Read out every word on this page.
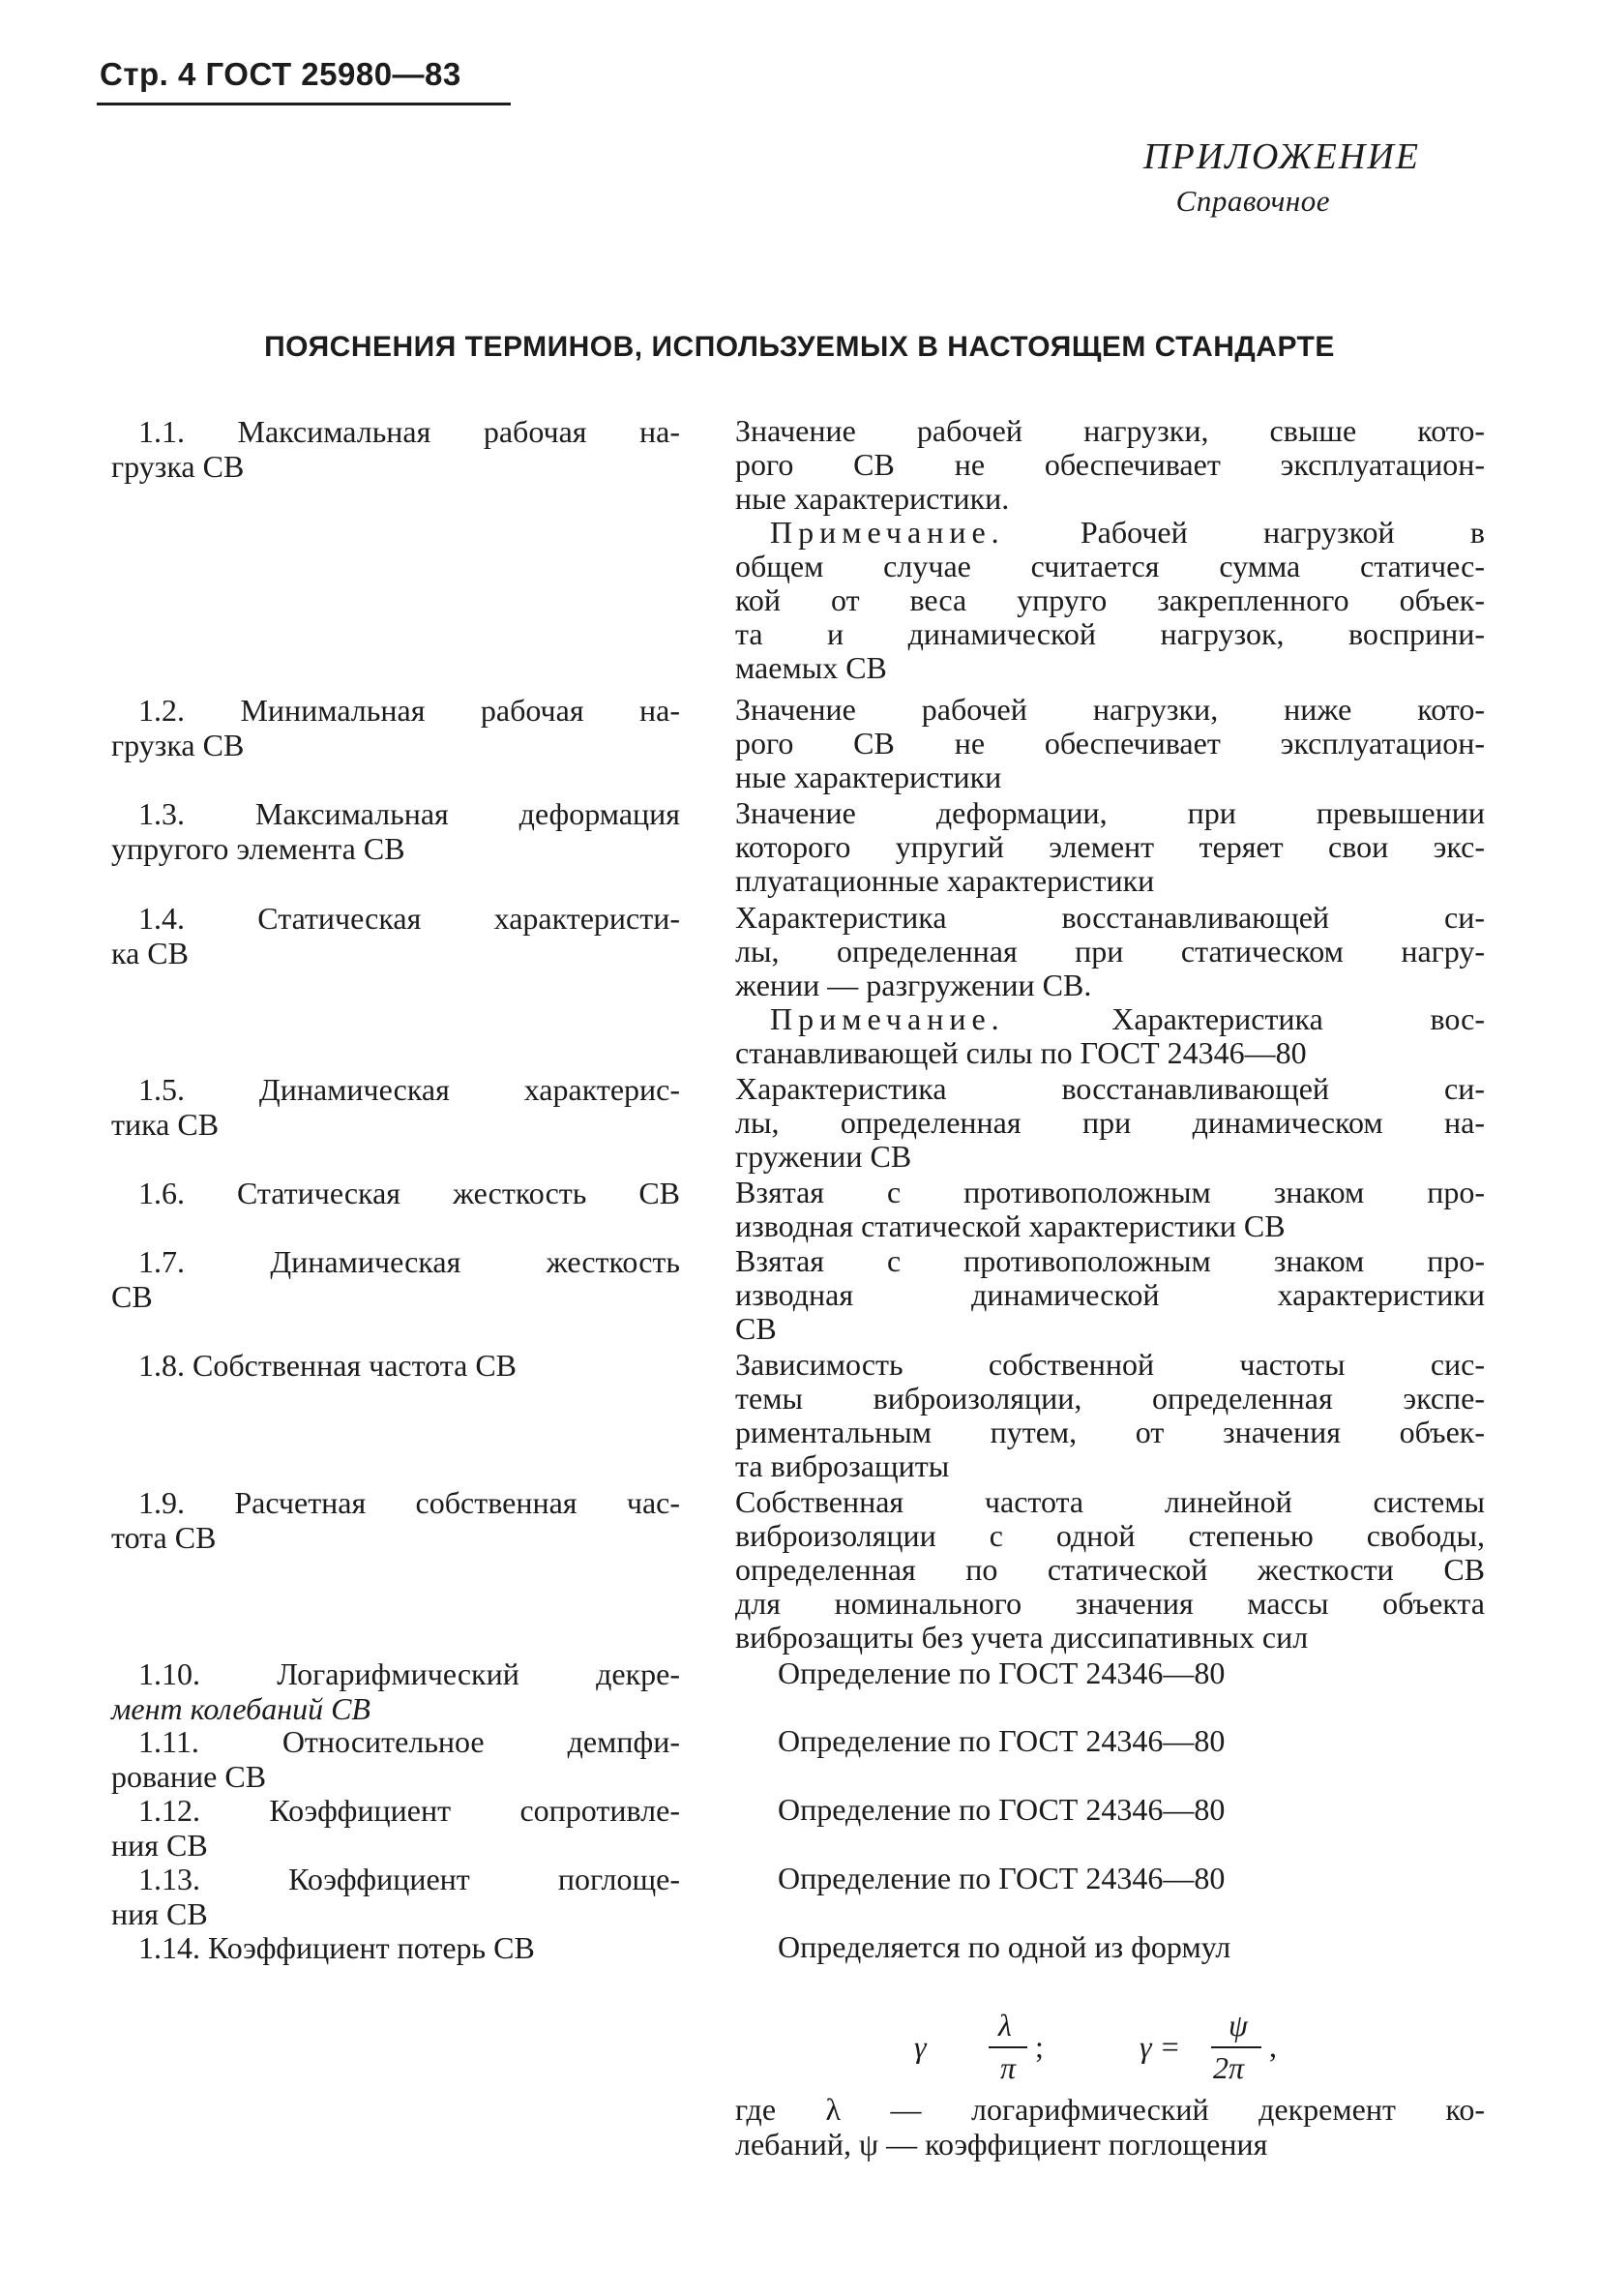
Стр. 4 ГОСТ 25980—83
ПРИЛОЖЕНИЕ
Справочное
ПОЯСНЕНИЯ ТЕРМИНОВ, ИСПОЛЬЗУЕМЫХ В НАСТОЯЩЕМ СТАНДАРТЕ
1.1. Максимальная рабочая на-
грузка СВ
1.2. Минимальная рабочая на-
грузка СВ
1.3. Максимальная деформация
упругого элемента СВ
1.4. Статическая характеристи-
ка СВ
1.5. Динамическая характерис-
тика СВ
1.6. Статическая жесткость СВ
1.7. Динамическая жесткость
СВ
1.8. Собственная частота СВ
1.9. Расчетная собственная час-
тота СВ
1.10. Логарифмический декре-
мент колебаний СВ
1.11. Относительное демпфи-
рование СВ
1.12. Коэффициент сопротивле-
ния СВ
1.13. Коэффициент поглоще-
ния СВ
1.14. Коэффициент потерь СВ
Значение рабочей нагрузки, свыше кото-
рого СВ не обеспечивает эксплуатацион-
ные характеристики.
Примечание. Рабочей нагрузкой в
общем случае считается сумма статичес-
кой от веса упруго закрепленного объек-
та и динамической нагрузок, восприни-
маемых СВ
Значение рабочей нагрузки, ниже кото-
рого СВ не обеспечивает эксплуатацион-
ные характеристики
Значение деформации, при превышении
которого упругий элемент теряет свои экс-
плуатационные характеристики
Характеристика восстанавливающей си-
лы, определенная при статическом нагру-
жении — разгружении СВ.
Примечание. Характеристика вос-
станавливающей силы по ГОСТ 24346—80
Характеристика восстанавливающей си-
лы, определенная при динамическом на-
гружении СВ
Взятая с противоположным знаком про-
изводная статической характеристики СВ
Взятая с противоположным знаком про-
изводная динамической характеристики
СВ
Зависимость собственной частоты сис-
темы виброизоляции, определенная экспе-
риментальным путем, от значения объек-
та виброзащиты
Собственная частота линейной системы
виброизоляции с одной степенью свободы,
определенная по статической жесткости СВ
для номинального значения массы объекта
виброзащиты без учета диссипативных сил
Определение по ГОСТ 24346—80
Определение по ГОСТ 24346—80
Определение по ГОСТ 24346—80
Определение по ГОСТ 24346—80
Определяется по одной из формул
γ
λ
π
;	γ =
ψ
2π
,
где λ — логарифмический декремент ко-
лебаний, ψ — коэффициент поглощения
